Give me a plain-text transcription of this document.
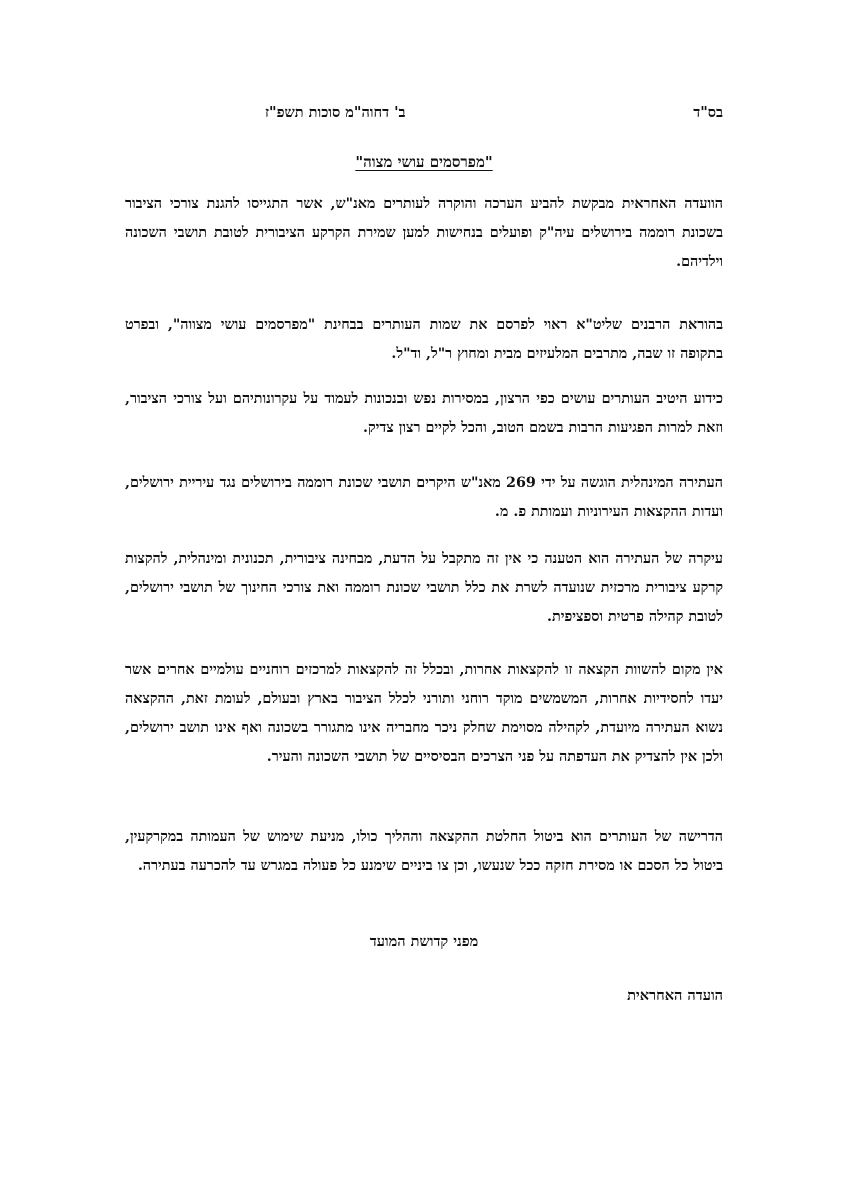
בס"ד
ב' דחוה"מ סוכות תשפ"ז
"מפרסמים עושי מצוה"
הוועדה האחראית מבקשת להביע הערכה והוקרה לעותרים מאנ"ש, אשר התגייסו להגנת צורכי הציבור בשכונת רוממה בירושלים עיה"ק ופועלים בנחישות למען שמירת הקרקע הציבורית לטובת תושבי השכונה וילדיהם.
בהוראת הרבנים שליט"א ראוי לפרסם את שמות העותרים בבחינת "מפרסמים עושי מצווה", ובפרט בתקופה זו שבה, מתרבים המלעיזים מבית ומחוץ ר"ל, וד"ל.
כידוע היטיב העותרים עושים כפי הרצון, במסירות נפש ובנכונות לעמוד על עקרונותיהם ועל צורכי הציבור, וזאת למרות הפגיעות הרבות בשמם הטוב, והכל לקיים רצון צדיק.
העתירה המינהלית הוגשה על ידי 269 מאנ"ש היקרים תושבי שכונת רוממה בירושלים נגד עיריית ירושלים, ועדות ההקצאות העירוניות ועמותת פ. מ.
עיקרה של העתירה הוא הטענה כי אין זה מתקבל על הדעת, מבחינה ציבורית, תכנונית ומינהלית, להקצות קרקע ציבורית מרכזית שנועדה לשרת את כלל תושבי שכונת רוממה ואת צורכי החינוך של תושבי ירושלים, לטובת קהילה פרטית וספציפית.
אין מקום להשוות הקצאה זו להקצאות אחרות, ובכלל זה להקצאות למרכזים רוחניים עולמיים אחרים אשר יעדו לחסידיות אחרות, המשמשים מוקד רוחני ותורני לכלל הציבור בארץ ובעולם, לעומת זאת, ההקצאה נשוא העתירה מיועדת, לקהילה מסוימת שחלק ניכר מחבריה אינו מתגורר בשכונה ואף אינו תושב ירושלים, ולכן אין להצדיק את העדפתה על פני הצרכים הבסיסיים של תושבי השכונה והעיר.
הדרישה של העותרים הוא ביטול החלטת ההקצאה וההליך כולו, מניעת שימוש של העמותה במקרקעין, ביטול כל הסכם או מסירת חזקה ככל שנעשו, וכן צו ביניים שימנע כל פעולה במגרש עד להכרעה בעתירה.
מפני קדושת המועד
הועדה האחראית
